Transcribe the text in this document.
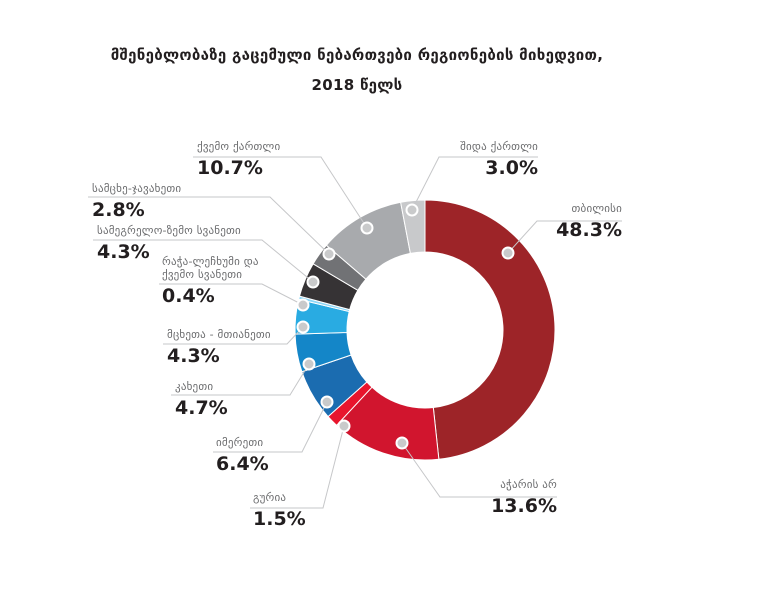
მშენებლობაზე გაცემული ნებართვები რეგიონების მიხედვით,
2018 წელს
თბილისი
48.3%
აჭარის არ
13.6%
გურია
1.5%
იმერეთი
6.4%
კახეთი
4.7%
მცხეთა - მთიანეთი
4.3%
რაჭა-ლეჩხუმი და ქვემო სვანეთი
0.4%
სამეგრელო-ზემო სვანეთი
4.3%
სამცხე-ჯავახეთი
2.8%
ქვემო ქართლი
10.7%
შიდა ქართლი
3.0%
